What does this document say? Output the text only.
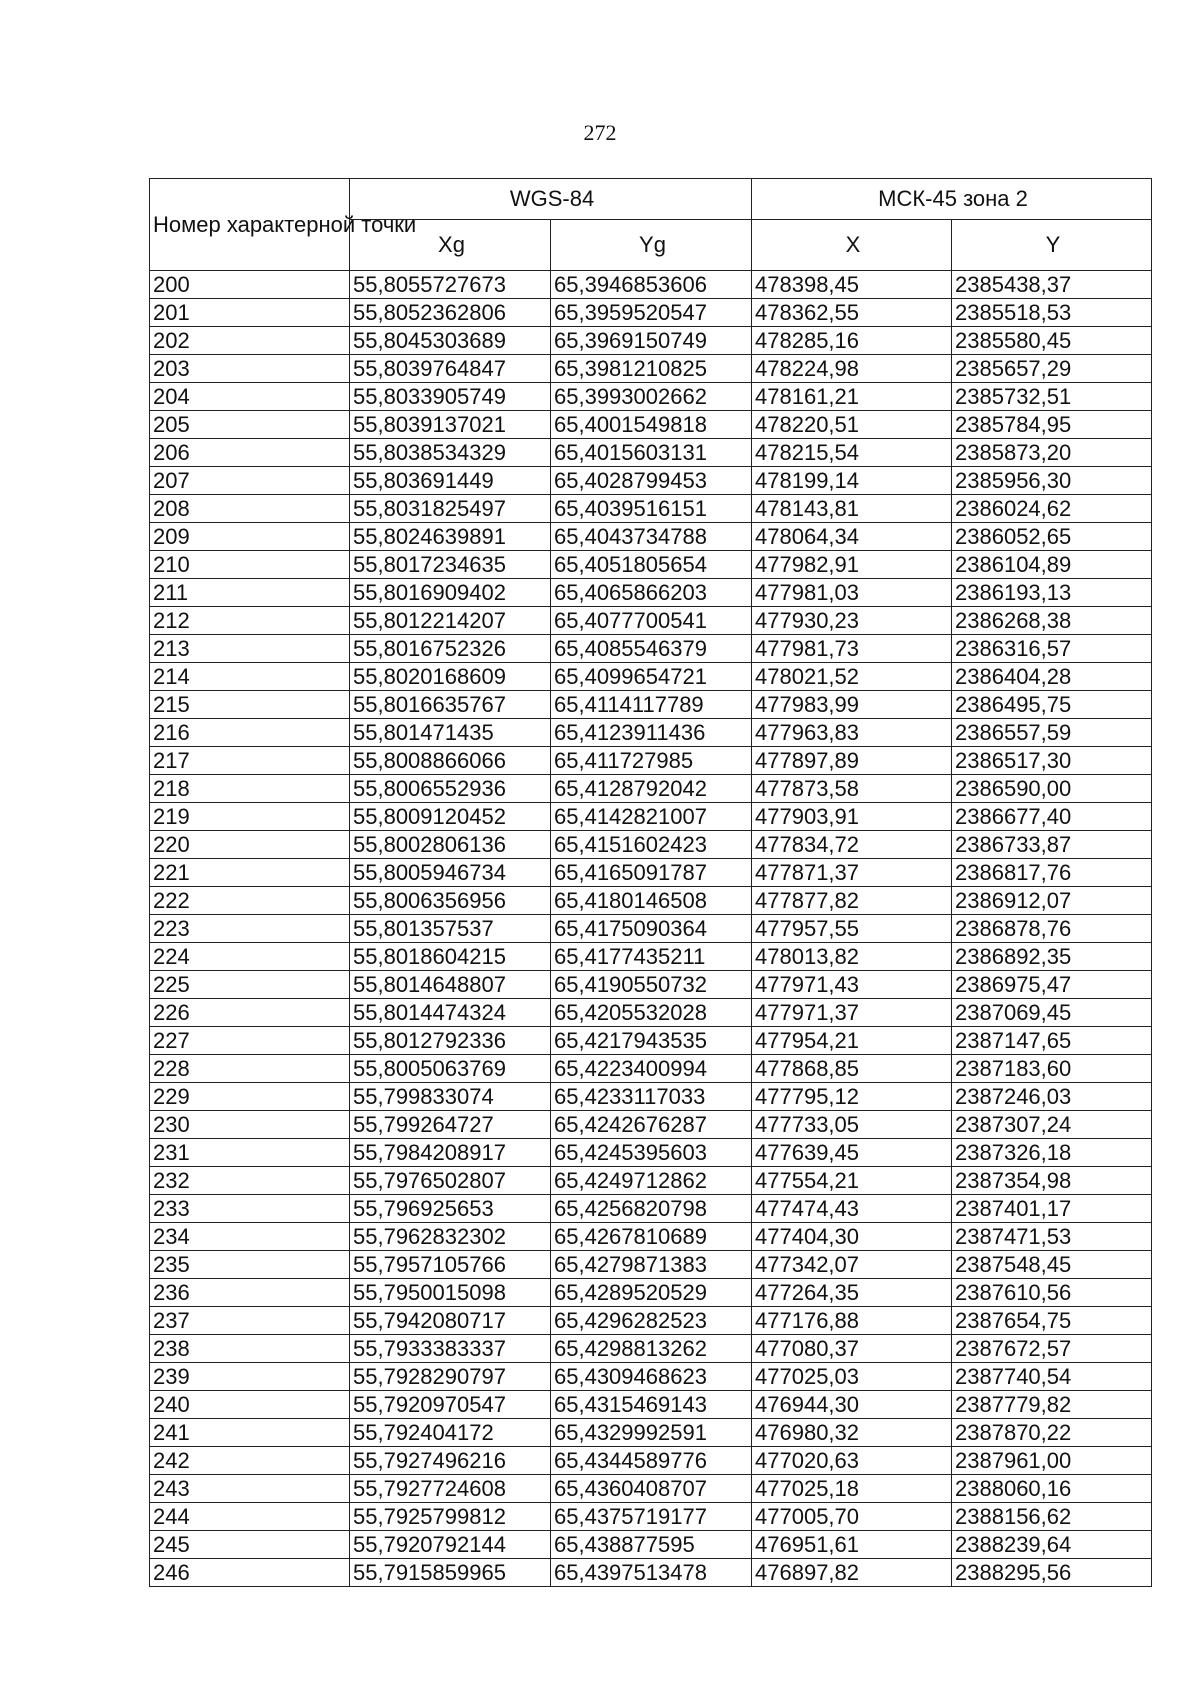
272
Номер характерной точки	WGS-84		МСК-45 зона 2	
	Xg	Yg	X	Y
200	55,8055727673	65,3946853606	478398,45	2385438,37
201	55,8052362806	65,3959520547	478362,55	2385518,53
202	55,8045303689	65,3969150749	478285,16	2385580,45
203	55,8039764847	65,3981210825	478224,98	2385657,29
204	55,8033905749	65,3993002662	478161,21	2385732,51
205	55,8039137021	65,4001549818	478220,51	2385784,95
206	55,8038534329	65,4015603131	478215,54	2385873,20
207	55,803691449	65,4028799453	478199,14	2385956,30
208	55,8031825497	65,4039516151	478143,81	2386024,62
209	55,8024639891	65,4043734788	478064,34	2386052,65
210	55,8017234635	65,4051805654	477982,91	2386104,89
211	55,8016909402	65,4065866203	477981,03	2386193,13
212	55,8012214207	65,4077700541	477930,23	2386268,38
213	55,8016752326	65,4085546379	477981,73	2386316,57
214	55,8020168609	65,4099654721	478021,52	2386404,28
215	55,8016635767	65,4114117789	477983,99	2386495,75
216	55,801471435	65,4123911436	477963,83	2386557,59
217	55,8008866066	65,411727985	477897,89	2386517,30
218	55,8006552936	65,4128792042	477873,58	2386590,00
219	55,8009120452	65,4142821007	477903,91	2386677,40
220	55,8002806136	65,4151602423	477834,72	2386733,87
221	55,8005946734	65,4165091787	477871,37	2386817,76
222	55,8006356956	65,4180146508	477877,82	2386912,07
223	55,801357537	65,4175090364	477957,55	2386878,76
224	55,8018604215	65,4177435211	478013,82	2386892,35
225	55,8014648807	65,4190550732	477971,43	2386975,47
226	55,8014474324	65,4205532028	477971,37	2387069,45
227	55,8012792336	65,4217943535	477954,21	2387147,65
228	55,8005063769	65,4223400994	477868,85	2387183,60
229	55,799833074	65,4233117033	477795,12	2387246,03
230	55,799264727	65,4242676287	477733,05	2387307,24
231	55,7984208917	65,4245395603	477639,45	2387326,18
232	55,7976502807	65,4249712862	477554,21	2387354,98
233	55,796925653	65,4256820798	477474,43	2387401,17
234	55,7962832302	65,4267810689	477404,30	2387471,53
235	55,7957105766	65,4279871383	477342,07	2387548,45
236	55,7950015098	65,4289520529	477264,35	2387610,56
237	55,7942080717	65,4296282523	477176,88	2387654,75
238	55,7933383337	65,4298813262	477080,37	2387672,57
239	55,7928290797	65,4309468623	477025,03	2387740,54
240	55,7920970547	65,4315469143	476944,30	2387779,82
241	55,792404172	65,4329992591	476980,32	2387870,22
242	55,7927496216	65,4344589776	477020,63	2387961,00
243	55,7927724608	65,4360408707	477025,18	2388060,16
244	55,7925799812	65,4375719177	477005,70	2388156,62
245	55,7920792144	65,438877595	476951,61	2388239,64
246	55,7915859965	65,4397513478	476897,82	2388295,56
